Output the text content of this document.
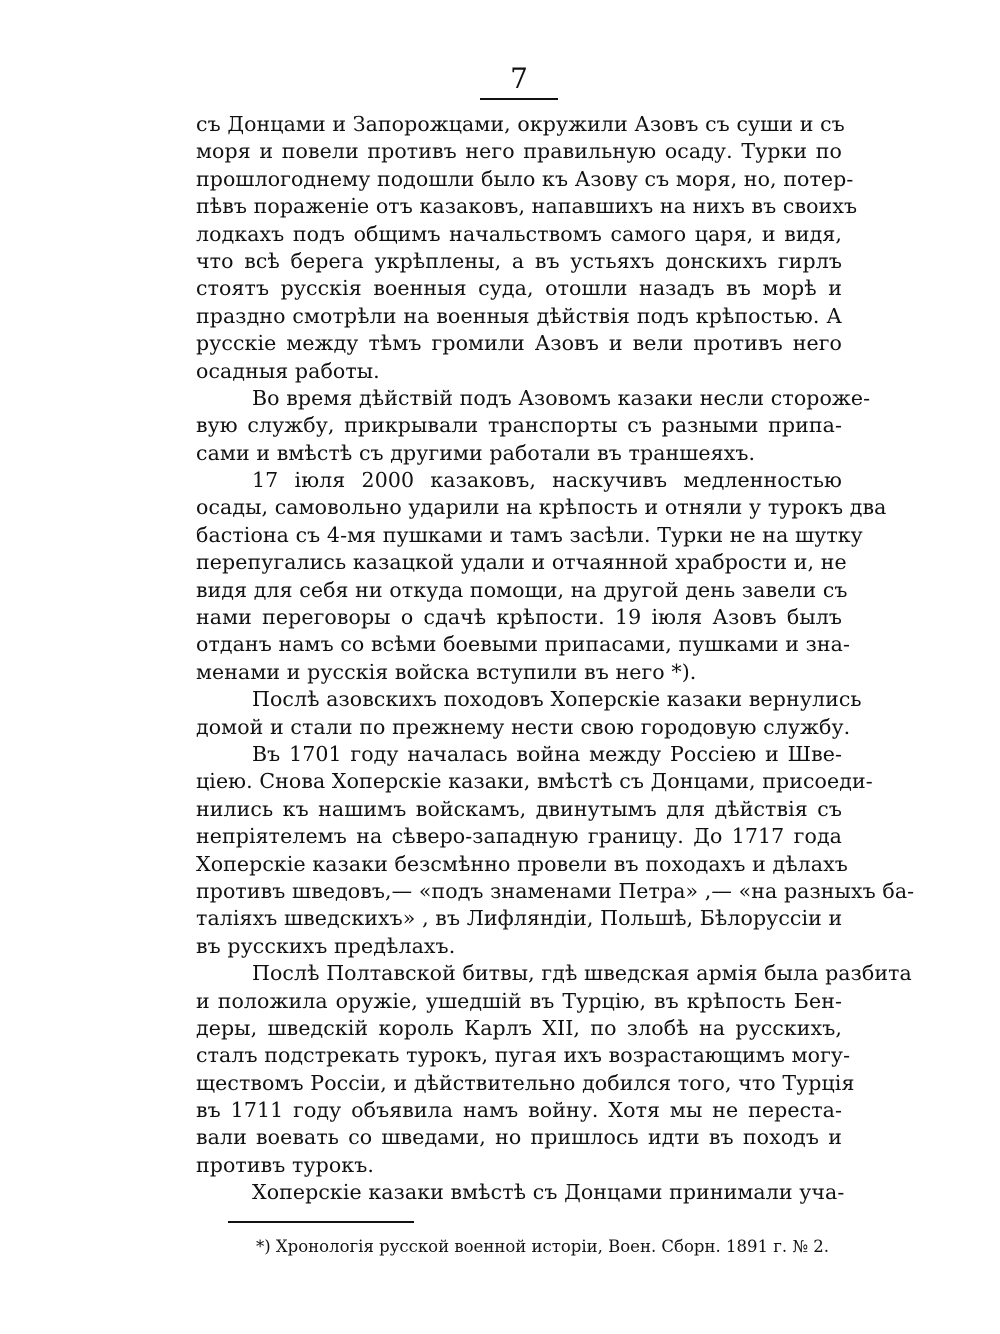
7
съ Донцами и Запорожцами, окружили Азовъ съ суши и съ
моря и повели противъ него правильную осаду. Турки по
прошлогоднему подошли было къ Азову съ моря, но, потер-
пѣвъ пораженіе отъ казаковъ, напавшихъ на нихъ въ своихъ
лодкахъ подъ общимъ начальствомъ самого царя, и видя,
что всѣ берега укрѣплены, а въ устьяхъ донскихъ гирлъ
стоятъ русскія военныя суда, отошли назадъ въ морѣ и
праздно смотрѣли на военныя дѣйствія подъ крѣпостью. А
русскіе между тѣмъ громили Азовъ и вели противъ него
осадныя работы.
Во время дѣйствій подъ Азовомъ казаки несли стороже-
вую службу, прикрывали транспорты съ разными припа-
сами и вмѣстѣ съ другими работали въ траншеяхъ.
17 іюля 2000 казаковъ, наскучивъ медленностью
осады, самовольно ударили на крѣпость и отняли у турокъ два
бастіона съ 4-мя пушками и тамъ засѣли. Турки не на шутку
перепугались казацкой удали и отчаянной храбрости и, не
видя для себя ни откуда помощи, на другой день завели съ
нами переговоры о сдачѣ крѣпости. 19 іюля Азовъ былъ
отданъ намъ со всѣми боевыми припасами, пушками и зна-
менами и русскія войска вступили въ него *).
Послѣ азовскихъ походовъ Хоперскіе казаки вернулись
домой и стали по прежнему нести свою городовую службу.
Въ 1701 году началась война между Россіею и Шве-
ціею. Снова Хоперскіе казаки, вмѣстѣ съ Донцами, присоеди-
нились къ нашимъ войскамъ, двинутымъ для дѣйствія съ
непріятелемъ на сѣверо-западную границу. До 1717 года
Хоперскіе казаки безсмѣнно провели въ походахъ и дѣлахъ
противъ шведовъ,— «подъ знаменами Петра» ,— «на разныхъ ба-
таліяхъ шведскихъ» , въ Лифляндіи, Польшѣ, Бѣлоруссіи и
въ русскихъ предѣлахъ.
Послѣ Полтавской битвы, гдѣ шведская армія была разбита
и положила оружіе, ушедшій въ Турцію, въ крѣпость Бен-
деры, шведскій король Карлъ XII, по злобѣ на русскихъ,
сталъ подстрекать турокъ, пугая ихъ возрастающимъ могу-
ществомъ Россіи, и дѣйствительно добился того, что Турція
въ 1711 году объявила намъ войну. Хотя мы не переста-
вали воевать со шведами, но пришлось идти въ походъ и
противъ турокъ.
Хоперскіе казаки вмѣстѣ съ Донцами принимали уча-
*) Хронологія русской военной исторіи, Воен. Сборн. 1891 г. № 2.
